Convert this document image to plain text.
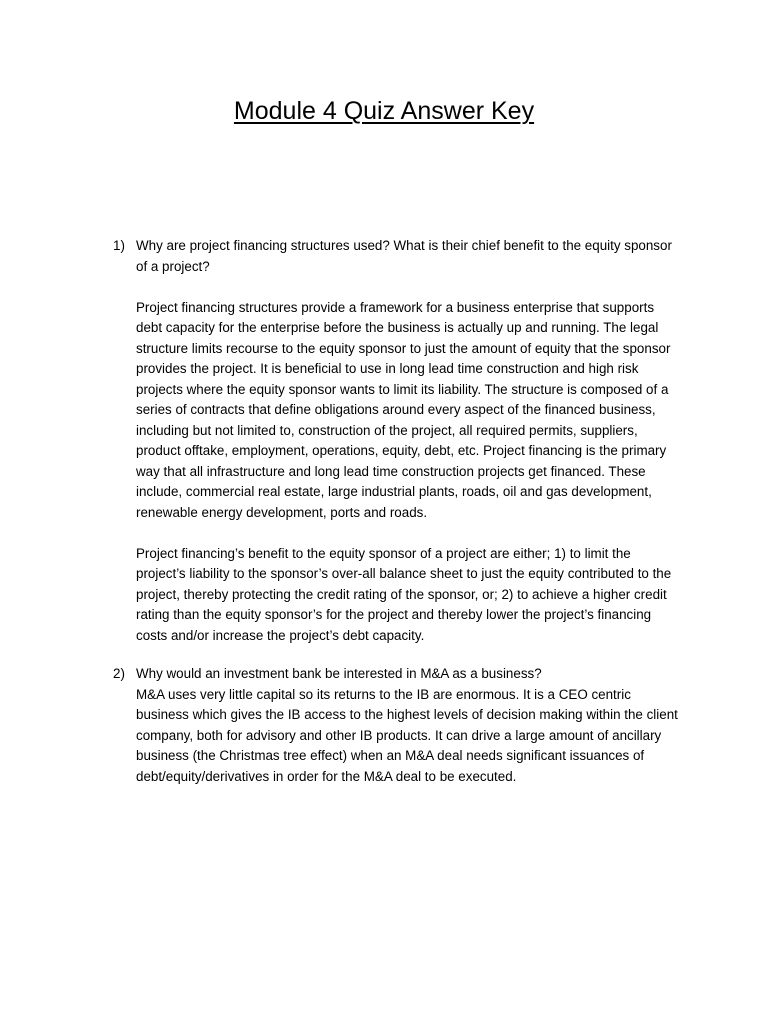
Module 4 Quiz Answer Key
1) Why are project financing structures used? What is their chief benefit to the equity sponsor of a project?

Project financing structures provide a framework for a business enterprise that supports debt capacity for the enterprise before the business is actually up and running. The legal structure limits recourse to the equity sponsor to just the amount of equity that the sponsor provides the project. It is beneficial to use in long lead time construction and high risk projects where the equity sponsor wants to limit its liability. The structure is composed of a series of contracts that define obligations around every aspect of the financed business, including but not limited to, construction of the project, all required permits, suppliers, product offtake, employment, operations, equity, debt, etc. Project financing is the primary way that all infrastructure and long lead time construction projects get financed. These include, commercial real estate, large industrial plants, roads, oil and gas development, renewable energy development, ports and roads.

Project financing’s benefit to the equity sponsor of a project are either; 1) to limit the project’s liability to the sponsor’s over-all balance sheet to just the equity contributed to the project, thereby protecting the credit rating of the sponsor, or; 2) to achieve a higher credit rating than the equity sponsor’s for the project and thereby lower the project’s financing costs and/or increase the project’s debt capacity.

2) Why would an investment bank be interested in M&A as a business?

M&A uses very little capital so its returns to the IB are enormous. It is a CEO centric business which gives the IB access to the highest levels of decision making within the client company, both for advisory and other IB products. It can drive a large amount of ancillary business (the Christmas tree effect) when an M&A deal needs significant issuances of debt/equity/derivatives in order for the M&A deal to be executed.
